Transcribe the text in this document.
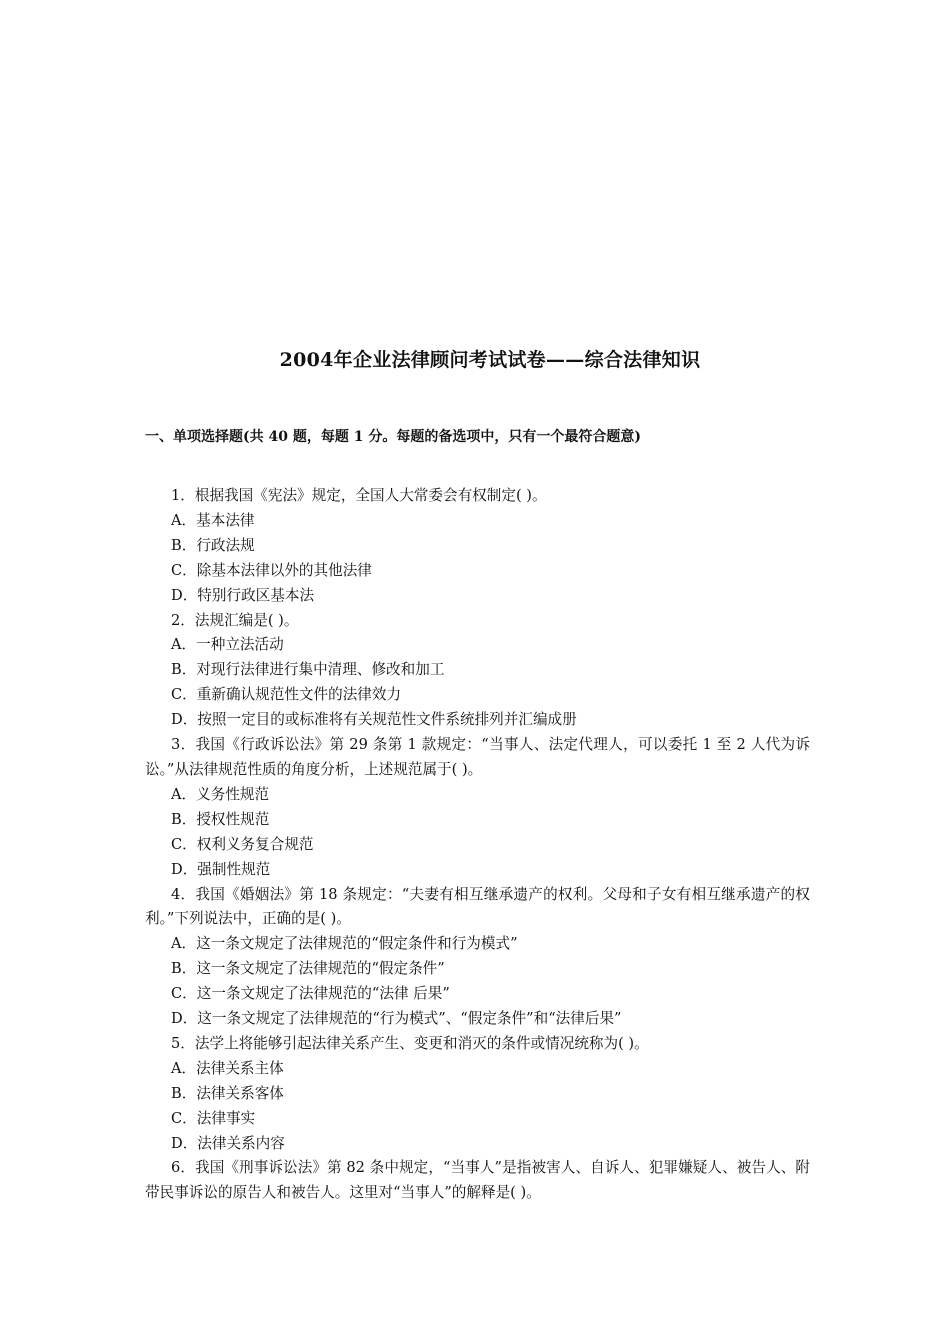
2004年企业法律顾问考试试卷——综合法律知识
一、单项选择题(共 40 题，每题 1 分。每题的备选项中，只有一个最符合题意)
1．根据我国《宪法》规定，全国人大常委会有权制定( )。
A．基本法律
B．行政法规
C．除基本法律以外的其他法律
D．特别行政区基本法
2．法规汇编是( )。
A．一种立法活动
B．对现行法律进行集中清理、修改和加工
C．重新确认规范性文件的法律效力
D．按照一定目的或标准将有关规范性文件系统排列并汇编成册
3．我国《行政诉讼法》第 29 条第 1 款规定：“当事人、法定代理人，可以委托 1 至 2 人代为诉讼。”从法律规范性质的角度分析，上述规范属于( )。
A．义务性规范
B．授权性规范
C．权利义务复合规范
D．强制性规范
4．我国《婚姻法》第 18 条规定：“夫妻有相互继承遗产的权利。父母和子女有相互继承遗产的权利。”下列说法中，正确的是( )。
A．这一条文规定了法律规范的“假定条件和行为模式”
B．这一条文规定了法律规范的“假定条件”
C．这一条文规定了法律规范的“法律 后果”
D．这一条文规定了法律规范的“行为模式”、“假定条件”和“法律后果”
5．法学上将能够引起法律关系产生、变更和消灭的条件或情况统称为( )。
A．法律关系主体
B．法律关系客体
C．法律事实
D．法律关系内容
6．我国《刑事诉讼法》第 82 条中规定，“当事人”是指被害人、自诉人、犯罪嫌疑人、被告人、附带民事诉讼的原告人和被告人。这里对“当事人”的解释是( )。
